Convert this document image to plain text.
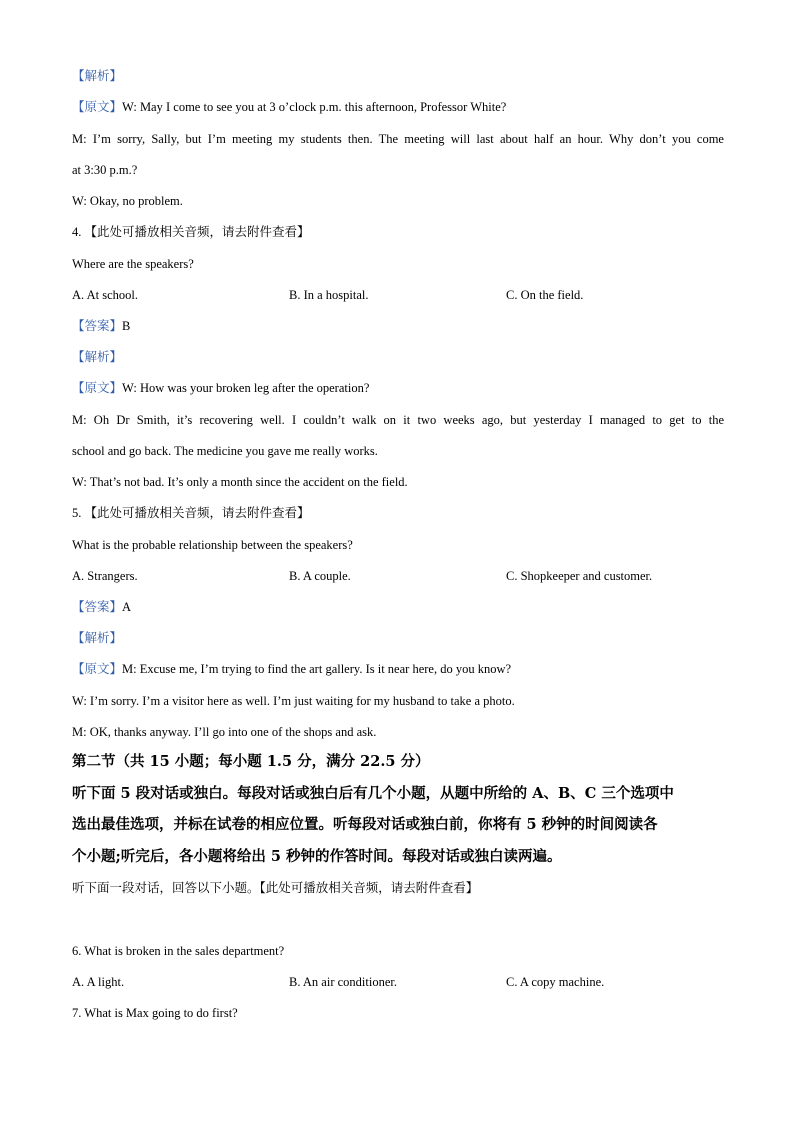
【解析】
【原文】W: May I come to see you at 3 o’clock p.m. this afternoon, Professor White?
M: I’m sorry, Sally, but I’m meeting my students then. The meeting will last about half an hour. Why don’t you come
at 3:30 p.m.?
W: Okay, no problem.
4. 【此处可播放相关音频，请去附件查看】
Where are the speakers?
A. At school.	B. In a hospital.	C. On the field.
【答案】B
【解析】
【原文】W: How was your broken leg after the operation?
M: Oh Dr Smith, it’s recovering well. I couldn’t walk on it two weeks ago, but yesterday I managed to get to the
school and go back. The medicine you gave me really works.
W: That’s not bad. It’s only a month since the accident on the field.
5. 【此处可播放相关音频，请去附件查看】
What is the probable relationship between the speakers?
A. Strangers.	B. A couple.	C. Shopkeeper and customer.
【答案】A
【解析】
【原文】M: Excuse me, I’m trying to find the art gallery. Is it near here, do you know?
W: I’m sorry. I’m a visitor here as well. I’m just waiting for my husband to take a photo.
M: OK, thanks anyway. I’ll go into one of the shops and ask.
第二节（共 15 小题；每小题 1.5 分，满分 22.5 分）
听下面 5 段对话或独白。每段对话或独白后有几个小题，从题中所给的 A、B、C 三个选项中
选出最佳选项，并标在试卷的相应位置。听每段对话或独白前，你将有 5 秒钟的时间阅读各
个小题;听完后，各小题将给出 5 秒钟的作答时间。每段对话或独白读两遍。
听下面一段对话，回答以下小题。【此处可播放相关音频，请去附件查看】
6. What is broken in the sales department?
A. A light.	B. An air conditioner.	C. A copy machine.
7. What is Max going to do first?
